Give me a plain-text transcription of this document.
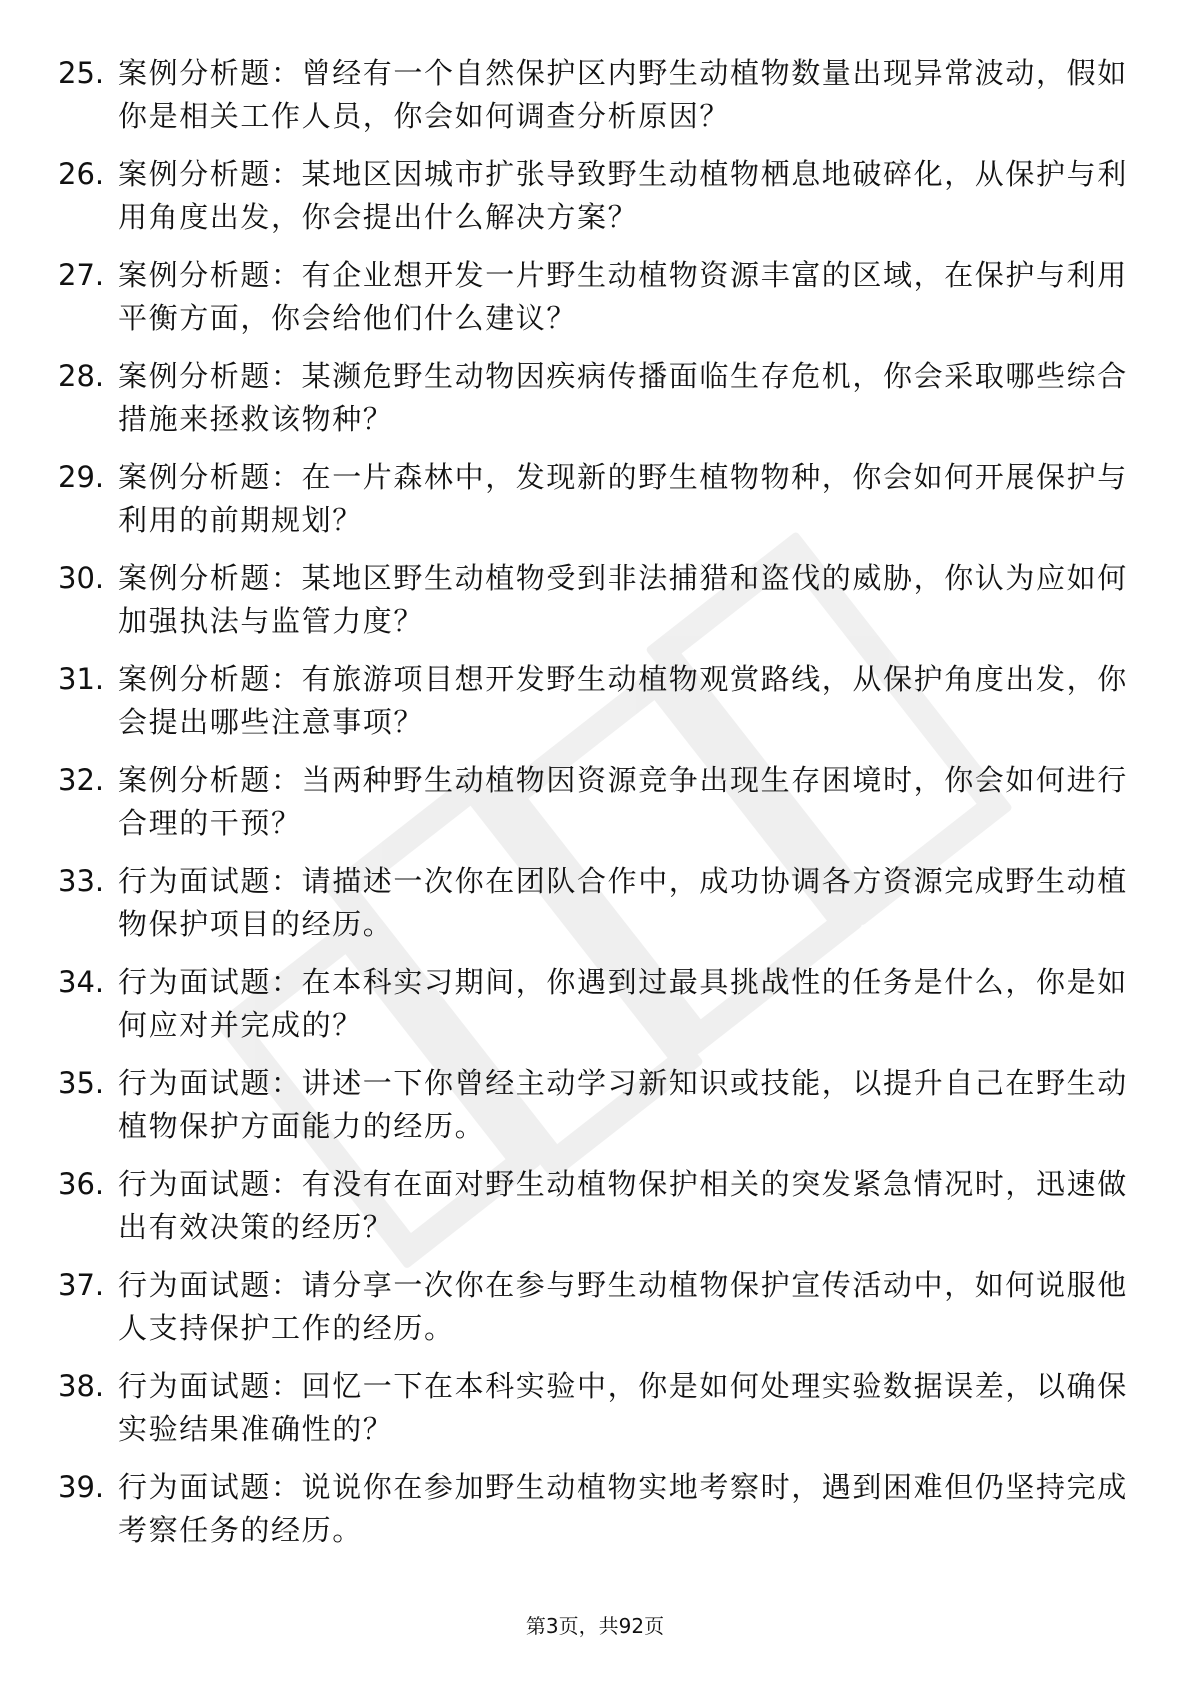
25. 案例分析题：曾经有一个自然保护区内野生动植物数量出现异常波动，假如你是相关工作人员，你会如何调查分析原因？
26. 案例分析题：某地区因城市扩张导致野生动植物栖息地破碎化，从保护与利用角度出发，你会提出什么解决方案？
27. 案例分析题：有企业想开发一片野生动植物资源丰富的区域，在保护与利用平衡方面，你会给他们什么建议？
28. 案例分析题：某濒危野生动物因疾病传播面临生存危机，你会采取哪些综合措施来拯救该物种？
29. 案例分析题：在一片森林中，发现新的野生植物物种，你会如何开展保护与利用的前期规划？
30. 案例分析题：某地区野生动植物受到非法捕猎和盗伐的威胁，你认为应如何加强执法与监管力度？
31. 案例分析题：有旅游项目想开发野生动植物观赏路线，从保护角度出发，你会提出哪些注意事项？
32. 案例分析题：当两种野生动植物因资源竞争出现生存困境时，你会如何进行合理的干预？
33. 行为面试题：请描述一次你在团队合作中，成功协调各方资源完成野生动植物保护项目的经历。
34. 行为面试题：在本科实习期间，你遇到过最具挑战性的任务是什么，你是如何应对并完成的？
35. 行为面试题：讲述一下你曾经主动学习新知识或技能，以提升自己在野生动植物保护方面能力的经历。
36. 行为面试题：有没有在面对野生动植物保护相关的突发紧急情况时，迅速做出有效决策的经历？
37. 行为面试题：请分享一次你在参与野生动植物保护宣传活动中，如何说服他人支持保护工作的经历。
38. 行为面试题：回忆一下在本科实验中，你是如何处理实验数据误差，以确保实验结果准确性的？
39. 行为面试题：说说你在参加野生动植物实地考察时，遇到困难但仍坚持完成考察任务的经历。
第3页，共92页
